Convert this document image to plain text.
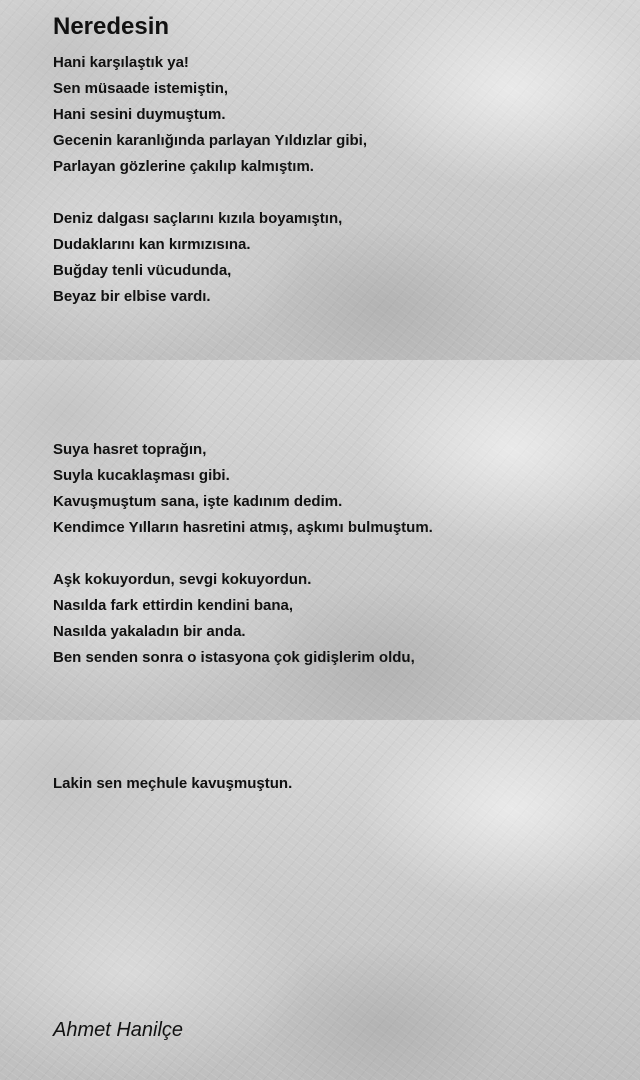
Neredesin
Hani karşılaştık ya!
Sen müsaade istemiştin,
Hani sesini duymuştum.
Gecenin karanlığında parlayan Yıldızlar gibi,
Parlayan gözlerine çakılıp kalmıştım.
Deniz dalgası saçlarını kızıla boyamıştın,
Dudaklarını kan kırmızısına.
Buğday tenli vücudunda,
Beyaz bir elbise vardı.
Suya hasret toprağın,
Suyla kucaklaşması gibi.
Kavuşmuştum sana, işte kadınım dedim.
Kendimce Yılların hasretini atmış, aşkımı bulmuştum.
Aşk kokuyordun, sevgi kokuyordun.
Nasılda fark ettirdin kendini bana,
Nasılda yakaladın bir anda.
Ben senden sonra o istasyona çok gidişlerim oldu,
Lakin sen meçhule kavuşmuştun.
Ahmet Hanilçe
